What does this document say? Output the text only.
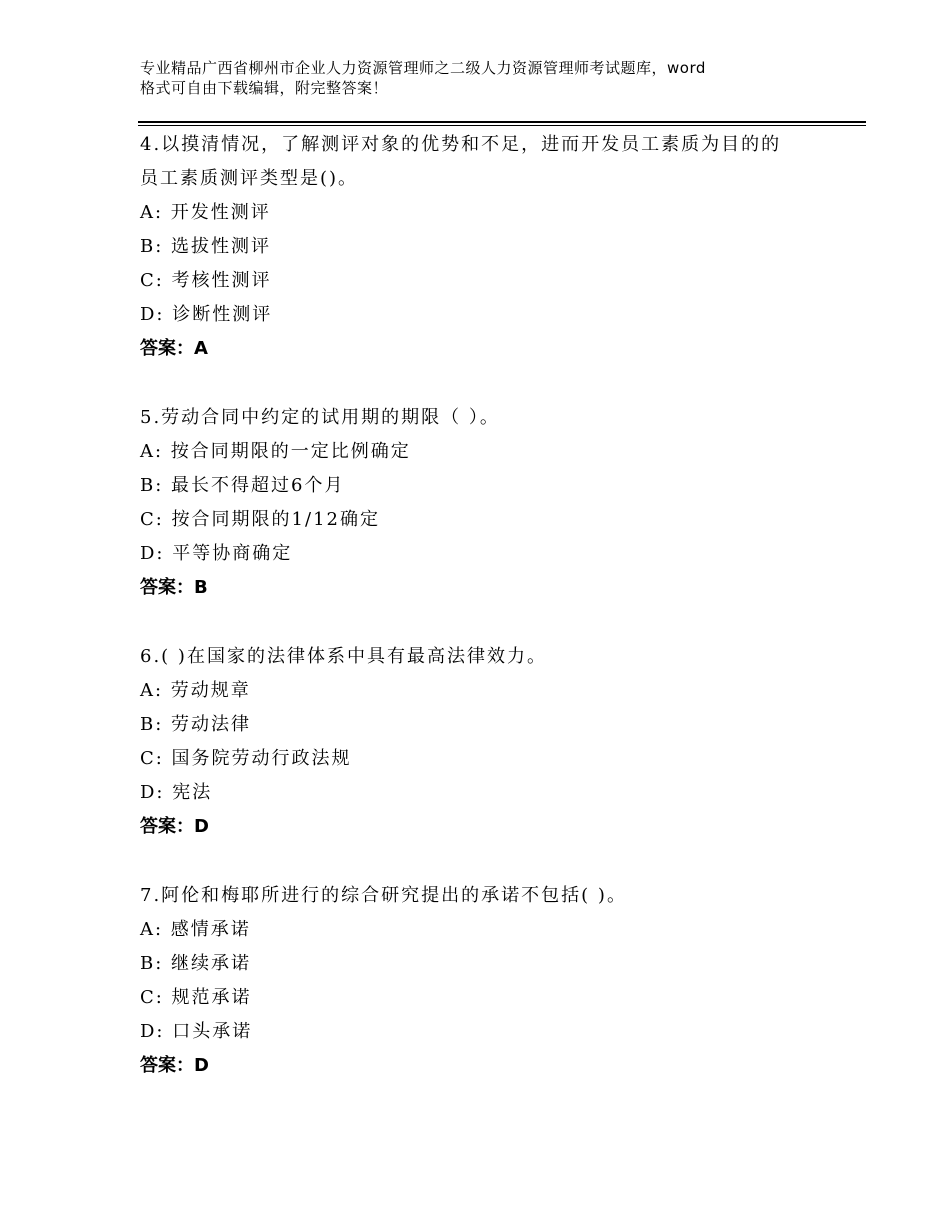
专业精品广西省柳州市企业人力资源管理师之二级人力资源管理师考试题库，word
格式可自由下载编辑，附完整答案！
4.以摸清情况，了解测评对象的优势和不足，进而开发员工素质为目的的员工素质测评类型是()。
A: 开发性测评
B: 选拔性测评
C: 考核性测评
D: 诊断性测评
答案：A
5.劳动合同中约定的试用期的期限（ ）。
A: 按合同期限的一定比例确定
B: 最长不得超过6个月
C: 按合同期限的1/12确定
D: 平等协商确定
答案：B
6.( )在国家的法律体系中具有最高法律效力。
A: 劳动规章
B: 劳动法律
C: 国务院劳动行政法规
D: 宪法
答案：D
7.阿伦和梅耶所进行的综合研究提出的承诺不包括( )。
A: 感情承诺
B: 继续承诺
C: 规范承诺
D: 口头承诺
答案：D
